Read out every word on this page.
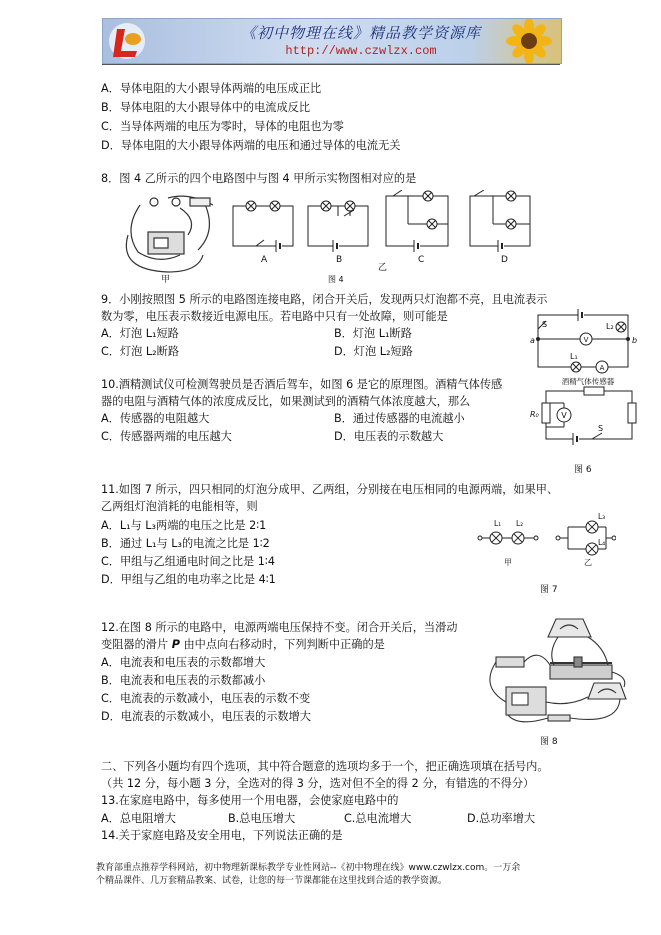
《初中物理在线》精品教学资源库
http://www.czwlzx.com
A．导体电阻的大小跟导体两端的电压成正比
B．导体电阻的大小跟导体中的电流成反比
C．当导体两端的电压为零时，导体的电阻也为零
D．导体电阻的大小跟导体两端的电压和通过导体的电流无关
8．图 4 乙所示的四个电路图中与图 4 甲所示实物图相对应的是
甲
A	B	C	D
图 4
乙
9．小刚按照图 5 所示的电路图连接电路，闭合开关后，发现两只灯泡都不亮，且电流表示
数为零，电压表示数接近电源电压。若电路中只有一处故障，则可能是
A．灯泡 L₁短路	B．灯泡 L₁断路
C．灯泡 L₂断路	D．灯泡 L₂短路
V
A
S	L₂
L₁
a	b
10.酒精测试仪可检测驾驶员是否酒后驾车，如图 6 是它的原理图。酒精气体传感
器的电阻与酒精气体的浓度成反比，如果测试到的酒精气体浓度越大，那么
A．传感器的电阻越大	B．通过传感器的电流越小
C．传感器两端的电压越大	D．电压表的示数越大
酒精气体传感器
V
R₀
S
图 6
11.如图 7 所示，四只相同的灯泡分成甲、乙两组，分别接在电压相同的电源两端，如果甲、
乙两组灯泡消耗的电能相等，则
A．L₁与 L₃两端的电压之比是 2∶1
B．通过 L₁与 L₃的电流之比是 1∶2
C．甲组与乙组通电时间之比是 1∶4
D．甲组与乙组的电功率之比是 4∶1
L₁ L₂
L₃
L₄
甲	乙
图 7
12.在图 8 所示的电路中，电源两端电压保持不变。闭合开关后，当滑动
变阻器的滑片 P 由中点向右移动时，下列判断中正确的是
A．电流表和电压表的示数都增大
B．电流表和电压表的示数都减小
C．电流表的示数减小，电压表的示数不变
D．电流表的示数减小，电压表的示数增大
图 8
二、下列各小题均有四个选项，其中符合题意的选项均多于一个，把正确选项填在括号内。
（共 12 分，每小题 3 分，全选对的得 3 分，选对但不全的得 2 分，有错选的不得分）
13.在家庭电路中，每多使用一个用电器，会使家庭电路中的
A．总电阻增大	B.总电压增大	C.总电流增大	D.总功率增大
14.关于家庭电路及安全用电，下列说法正确的是
教育部重点推荐学科网站，初中物理新课标教学专业性网站--《初中物理在线》www.czwlzx.com。一万余
个精品课件、几万套精品教案、试卷，让您的每一节课都能在这里找到合适的教学资源。
